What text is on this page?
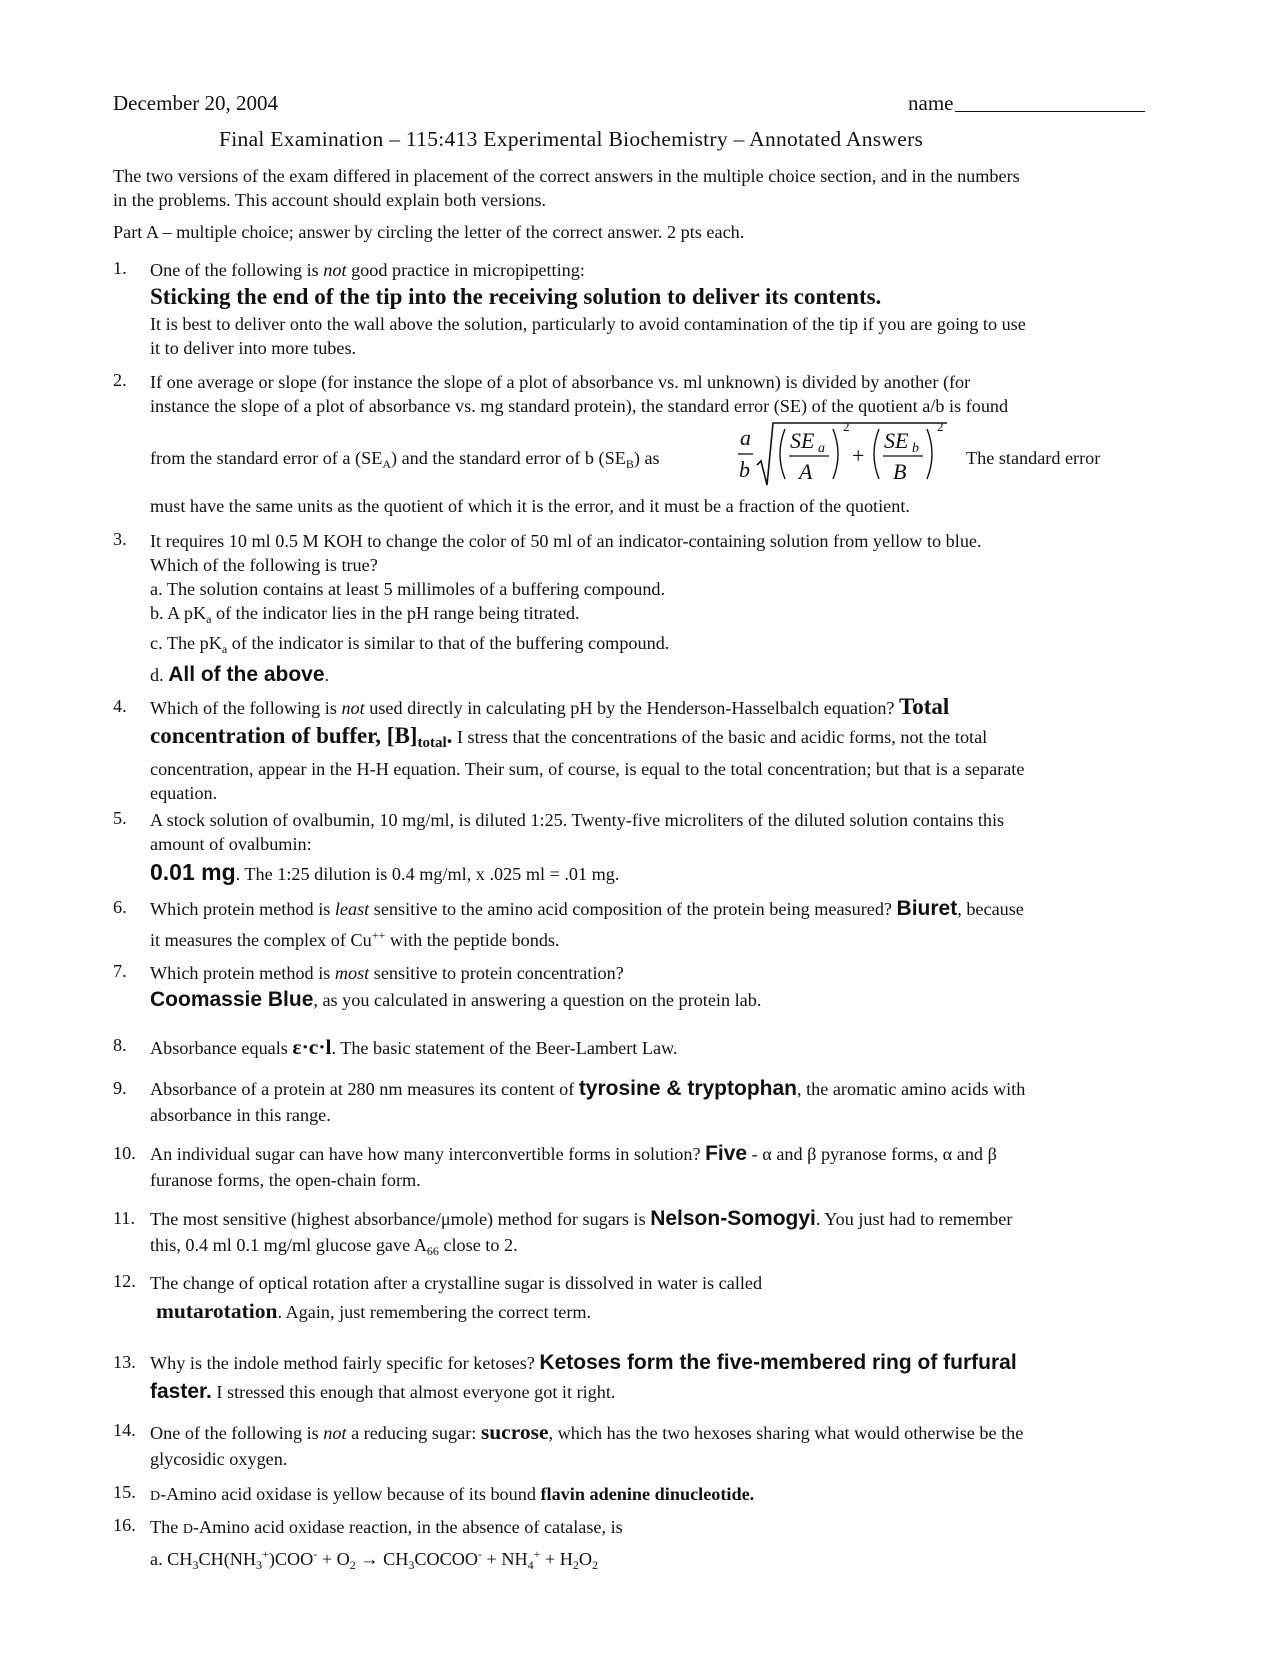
December 20, 2004	name
Final Examination – 115:413 Experimental Biochemistry – Annotated Answers
The two versions of the exam differed in placement of the correct answers in the multiple choice section, and in the numbers
in the problems. This account should explain both versions.
Part A – multiple choice; answer by circling the letter of the correct answer. 2 pts each.
1.	One of the following is not good practice in micropipetting:
Sticking the end of the tip into the receiving solution to deliver its contents.
It is best to deliver onto the wall above the solution, particularly to avoid contamination of the tip if you are going to use
it to deliver into more tubes.
2.	If one average or slope (for instance the slope of a plot of absorbance vs. ml unknown) is divided by another (for
instance the slope of a plot of absorbance vs. mg standard protein), the standard error (SE) of the quotient a/b is found
from the standard error of a $(SE_A)$ and the standard error of b $(SE_B)$ as
a
b
SE a
A
2
+
SE b
B
2
The standard error
must have the same units as the quotient of which it is the error, and it must be a fraction of the quotient.
3.	It requires 10 ml 0.5 M KOH to change the color of 50 ml of an indicator-containing solution from yellow to blue.
Which of the following is true?
a. The solution contains at least 5 millimoles of a buffering compound.
b. A $pK_a$ of the indicator lies in the pH range being titrated.
c. The $pK_a$ of the indicator is similar to that of the buffering compound.
d. All of the above.
4.	Which of the following is not used directly in calculating pH by the Henderson-Hasselbalch equation? Total
concentration of buffer, $[B]_{total}$. I stress that the concentrations of the basic and acidic forms, not the total
concentration, appear in the H-H equation. Their sum, of course, is equal to the total concentration; but that is a separate
equation.
5.	A stock solution of ovalbumin, 10 mg/ml, is diluted 1:25. Twenty-five microliters of the diluted solution contains this
amount of ovalbumin:
0.01 mg. The 1:25 dilution is 0.4 mg/ml, x .025 ml = .01 mg.
6.	Which protein method is least sensitive to the amino acid composition of the protein being measured? Biuret, because
it measures the complex of Cu++ with the peptide bonds.
7.	Which protein method is most sensitive to protein concentration?
Coomassie Blue, as you calculated in answering a question on the protein lab.
8.	Absorbance equals ε·c·l. The basic statement of the Beer-Lambert Law.
9.	Absorbance of a protein at 280 nm measures its content of tyrosine & tryptophan, the aromatic amino acids with
absorbance in this range.
10. An individual sugar can have how many interconvertible forms in solution? Five - α and β pyranose forms, α and β
furanose forms, the open-chain form.
11. The most sensitive (highest absorbance/μmole) method for sugars is Nelson-Somogyi. You just had to remember
this, 0.4 ml 0.1 mg/ml glucose gave $A_{66}$ close to 2.
12. The change of optical rotation after a crystalline sugar is dissolved in water is called
mutarotation. Again, just remembering the correct term.
13. Why is the indole method fairly specific for ketoses? Ketoses form the five-membered ring of furfural
faster. I stressed this enough that almost everyone got it right.
14. One of the following is not a reducing sugar: sucrose, which has the two hexoses sharing what would otherwise be the
glycosidic oxygen.
15.	D-Amino acid oxidase is yellow because of its bound flavin adenine dinucleotide.
16. The D-Amino acid oxidase reaction, in the absence of catalase, is
a. $CH_3CH(NH_3^+)COO^- + O_2$ → $CH_3COCOO^- + NH_4^+ + H_2O_2$
